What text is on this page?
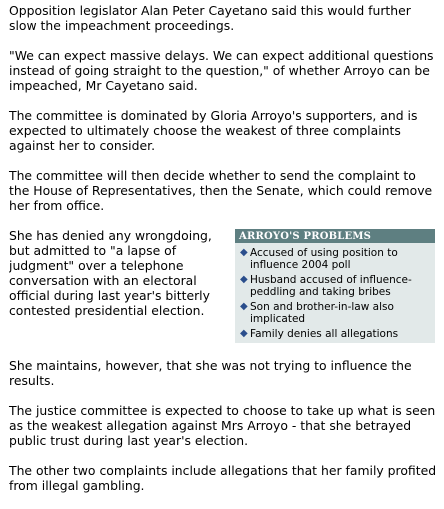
Opposition legislator Alan Peter Cayetano said this would further slow the impeachment proceedings.

"We can expect massive delays. We can expect additional questions instead of going straight to the question," of whether Arroyo can be impeached, Mr Cayetano said.

The committee is dominated by Gloria Arroyo's supporters, and is expected to ultimately choose the weakest of three complaints against her to consider.

The committee will then decide whether to send the complaint to the House of Representatives, then the Senate, which could remove her from office.

ARROYO'S PROBLEMS
◆ Accused of using position to influence 2004 poll
◆ Husband accused of influence-peddling and taking bribes
◆ Son and brother-in-law also implicated
◆ Family denies all allegations

She has denied any wrongdoing, but admitted to "a lapse of judgment" over a telephone conversation with an electoral official during last year's bitterly contested presidential election.

She maintains, however, that she was not trying to influence the results.

The justice committee is expected to choose to take up what is seen as the weakest allegation against Mrs Arroyo - that she betrayed public trust during last year's election.

The other two complaints include allegations that her family profited from illegal gambling.
